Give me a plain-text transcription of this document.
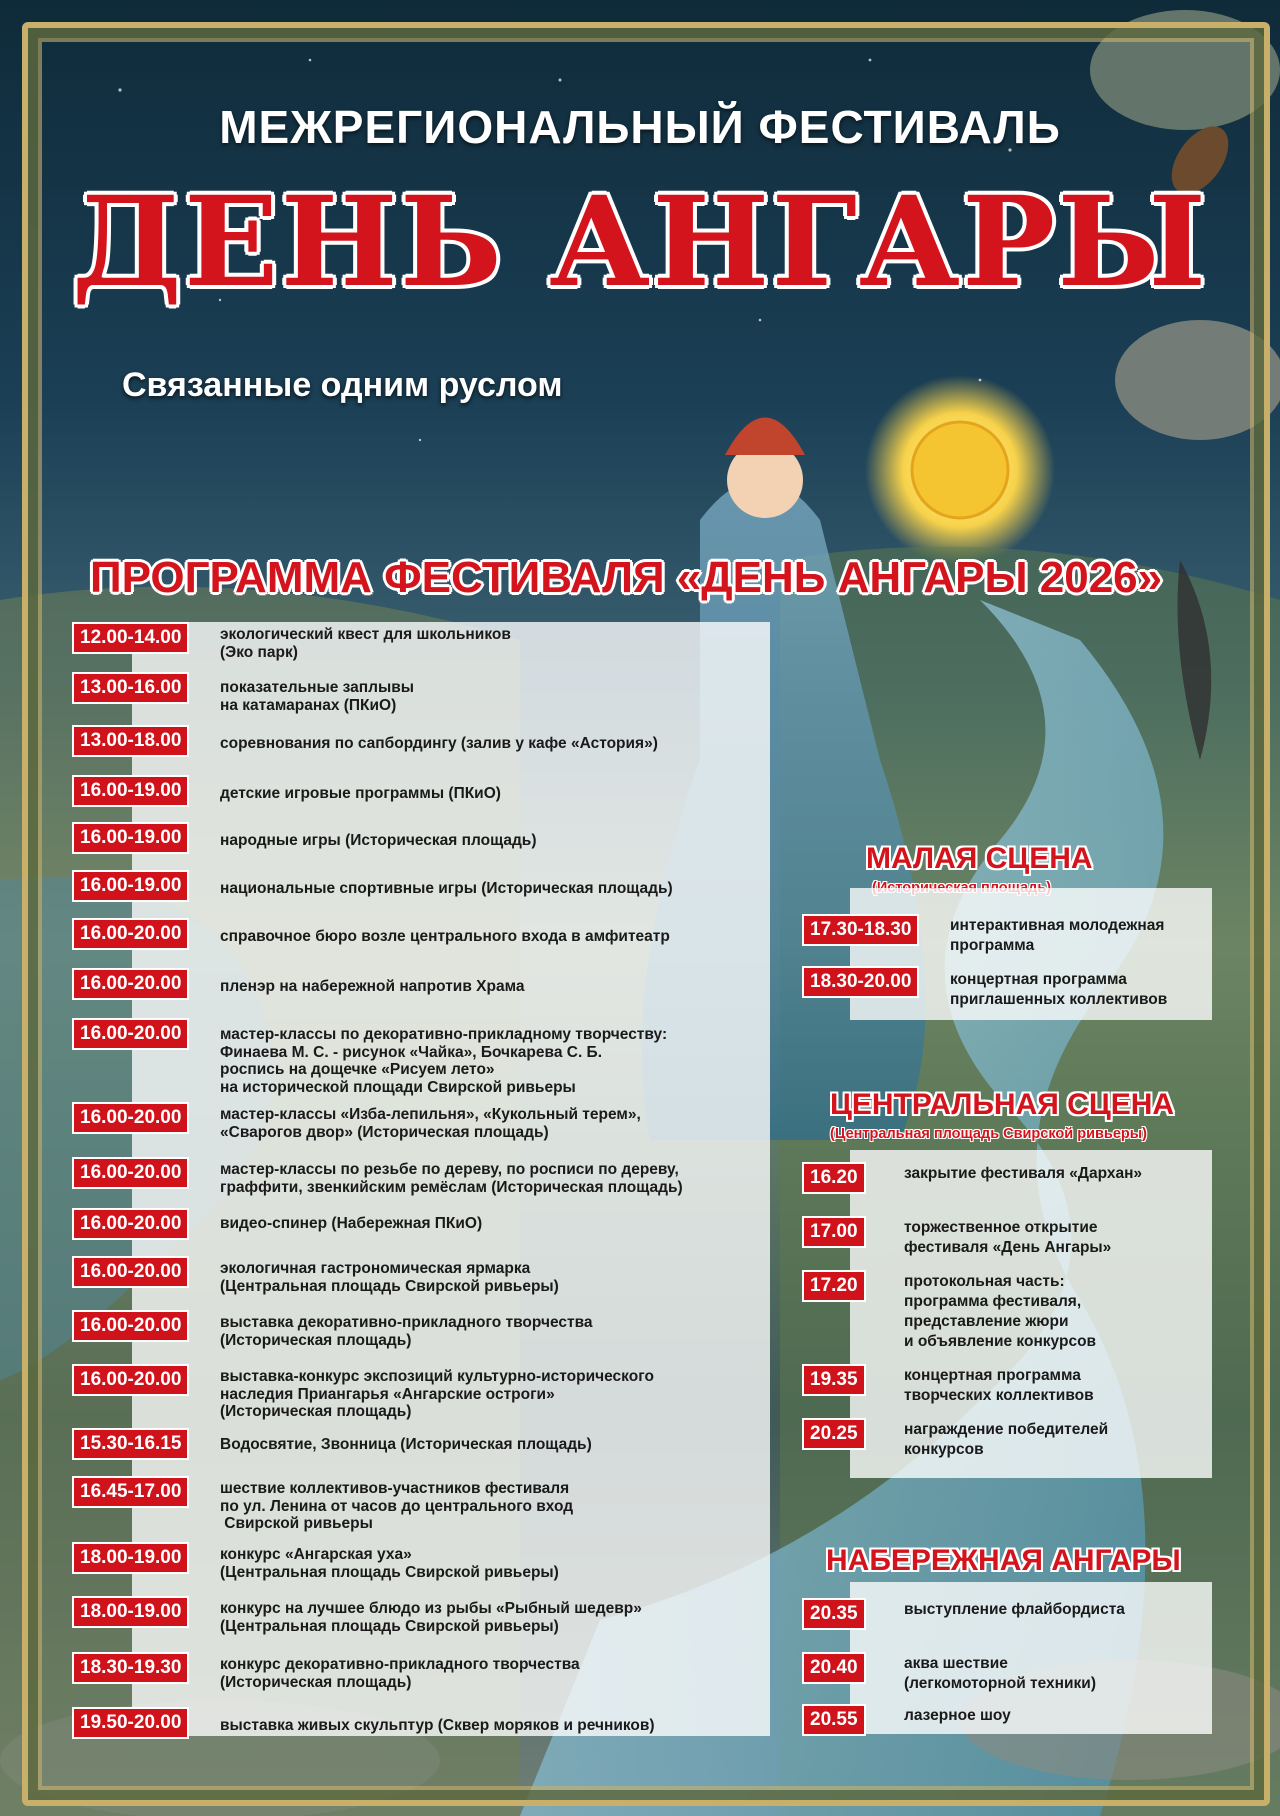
МЕЖРЕГИОНАЛЬНЫЙ ФЕСТИВАЛЬ
ДЕНЬ АНГАРЫ
Связанные одним руслом
ПРОГРАММА ФЕСТИВАЛЯ «ДЕНЬ АНГАРЫ 2026»
12.00-14.00	экологический квест для школьников
(Эко парк)
13.00-16.00	показательные заплывы
на катамаранах (ПКиО)
13.00-18.00	соревнования по сапбордингу (залив у кафе «Астория»)
16.00-19.00	детские игровые программы (ПКиО)
16.00-19.00	народные игры (Историческая площадь)
16.00-19.00	национальные спортивные игры (Историческая площадь)
16.00-20.00	справочное бюро возле центрального входа в амфитеатр
16.00-20.00	пленэр на набережной напротив Храма
16.00-20.00	мастер-классы по декоративно-прикладному творчеству:
Финаева М. С. - рисунок «Чайка», Бочкарева С. Б.
роспись на дощечке «Рисуем лето»
на исторической площади Свирской ривьеры
16.00-20.00	мастер-классы «Изба-лепильня», «Кукольный терем»,
«Сварогов двор» (Историческая площадь)
16.00-20.00	мастер-классы по резьбе по дереву, по росписи по дереву,
граффити, звенкийским ремёслам (Историческая площадь)
16.00-20.00	видео-спинер (Набережная ПКиО)
16.00-20.00	экологичная гастрономическая ярмарка
(Центральная площадь Свирской ривьеры)
16.00-20.00	выставка декоративно-прикладного творчества
(Историческая площадь)
16.00-20.00	выставка-конкурс экспозиций культурно-исторического
наследия Приангарья «Ангарские остроги»
(Историческая площадь)
15.30-16.15	Водосвятие, Звонница (Историческая площадь)
16.45-17.00	шествие коллективов-участников фестиваля
по ул. Ленина от часов до центрального вход
Свирской ривьеры
18.00-19.00	конкурс «Ангарская уха»
(Центральная площадь Свирской ривьеры)
18.00-19.00	конкурс на лучшее блюдо из рыбы «Рыбный шедевр»
(Центральная площадь Свирской ривьеры)
18.30-19.30	конкурс декоративно-прикладного творчества
(Историческая площадь)
19.50-20.00	выставка живых скульптур (Сквер моряков и речников)
МАЛАЯ СЦЕНА
17.30-18.30	интерактивная молодежная
программа
18.30-20.00	концертная программа
приглашенных коллективов
ЦЕНТРАЛЬНАЯ СЦЕНА
(Центральная площадь Свирской ривьеры)
16.20	закрытие фестиваля «Дархан»
17.00	торжественное открытие
фестиваля «День Ангары»
17.20	протокольная часть:
программа фестиваля,
представление жюри
и объявление конкурсов
19.35	концертная программа
творческих коллективов
20.25	награждение победителей
конкурсов
НАБЕРЕЖНАЯ АНГАРЫ
20.35	выступление флайбордиста
20.40	аква шествие
(легкомоторной техники)
20.55	лазерное шоу
